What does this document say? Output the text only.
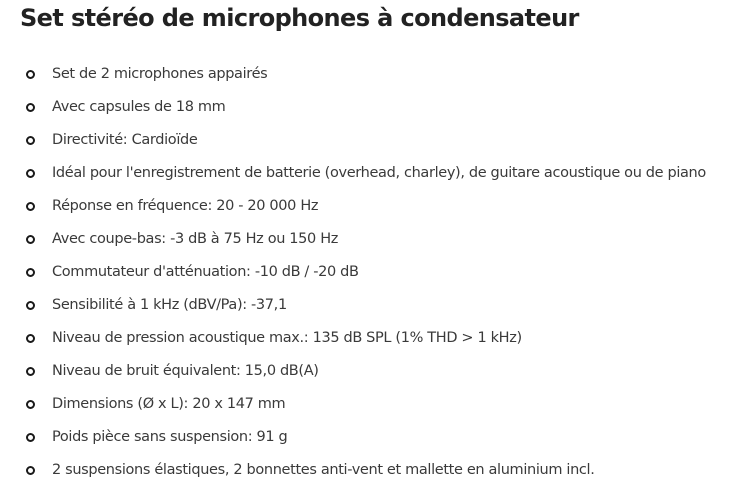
Set stéréo de microphones à condensateur
Set de 2 microphones appairés
Avec capsules de 18 mm
Directivité: Cardioïde
Idéal pour l'enregistrement de batterie (overhead, charley), de guitare acoustique ou de piano
Réponse en fréquence: 20 - 20 000 Hz
Avec coupe-bas: -3 dB à 75 Hz ou 150 Hz
Commutateur d'atténuation: -10 dB / -20 dB
Sensibilité à 1 kHz (dBV/Pa): -37,1
Niveau de pression acoustique max.: 135 dB SPL (1% THD > 1 kHz)
Niveau de bruit équivalent: 15,0 dB(A)
Dimensions (Ø x L): 20 x 147 mm
Poids pièce sans suspension: 91 g
2 suspensions élastiques, 2 bonnettes anti-vent et mallette en aluminium incl.
